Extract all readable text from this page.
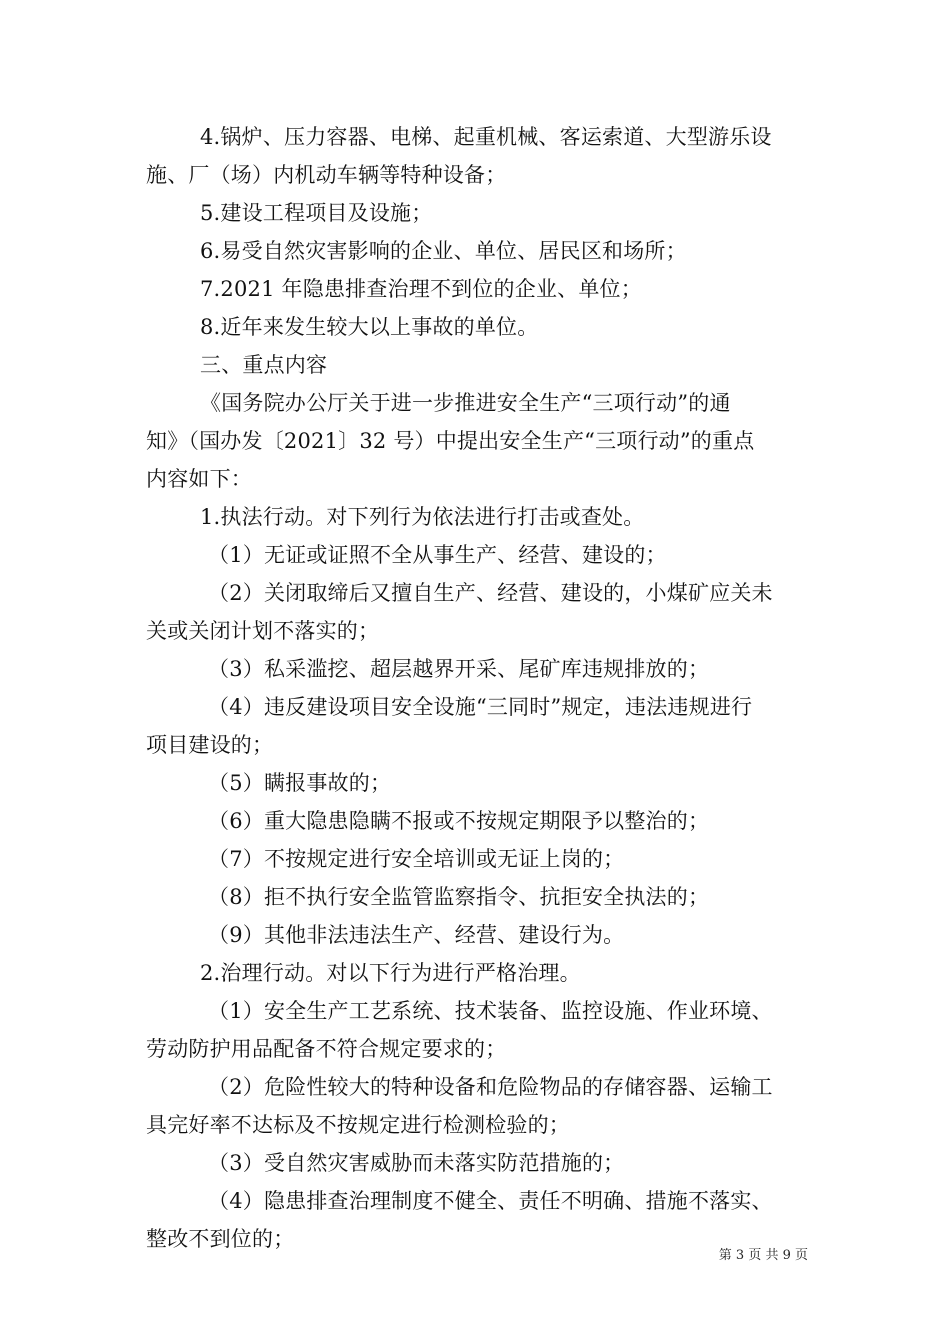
4.锅炉、压力容器、电梯、起重机械、客运索道、大型游乐设
施、厂（场）内机动车辆等特种设备；
5.建设工程项目及设施；
6.易受自然灾害影响的企业、单位、居民区和场所；
7.2021 年隐患排查治理不到位的企业、单位；
8.近年来发生较大以上事故的单位。
三、重点内容
《国务院办公厅关于进一步推进安全生产“三项行动”的通
知》（国办发〔2021〕32 号）中提出安全生产“三项行动”的重点
内容如下：
1.执法行动。对下列行为依法进行打击或查处。
（1）无证或证照不全从事生产、经营、建设的；
（2）关闭取缔后又擅自生产、经营、建设的，小煤矿应关未
关或关闭计划不落实的；
（3）私采滥挖、超层越界开采、尾矿库违规排放的；
（4）违反建设项目安全设施“三同时”规定，违法违规进行
项目建设的；
（5）瞒报事故的；
（6）重大隐患隐瞒不报或不按规定期限予以整治的；
（7）不按规定进行安全培训或无证上岗的；
（8）拒不执行安全监管监察指令、抗拒安全执法的；
（9）其他非法违法生产、经营、建设行为。
2.治理行动。对以下行为进行严格治理。
（1）安全生产工艺系统、技术装备、监控设施、作业环境、
劳动防护用品配备不符合规定要求的；
（2）危险性较大的特种设备和危险物品的存储容器、运输工
具完好率不达标及不按规定进行检测检验的；
（3）受自然灾害威胁而未落实防范措施的；
（4）隐患排查治理制度不健全、责任不明确、措施不落实、
整改不到位的；
第 3 页 共 9 页
